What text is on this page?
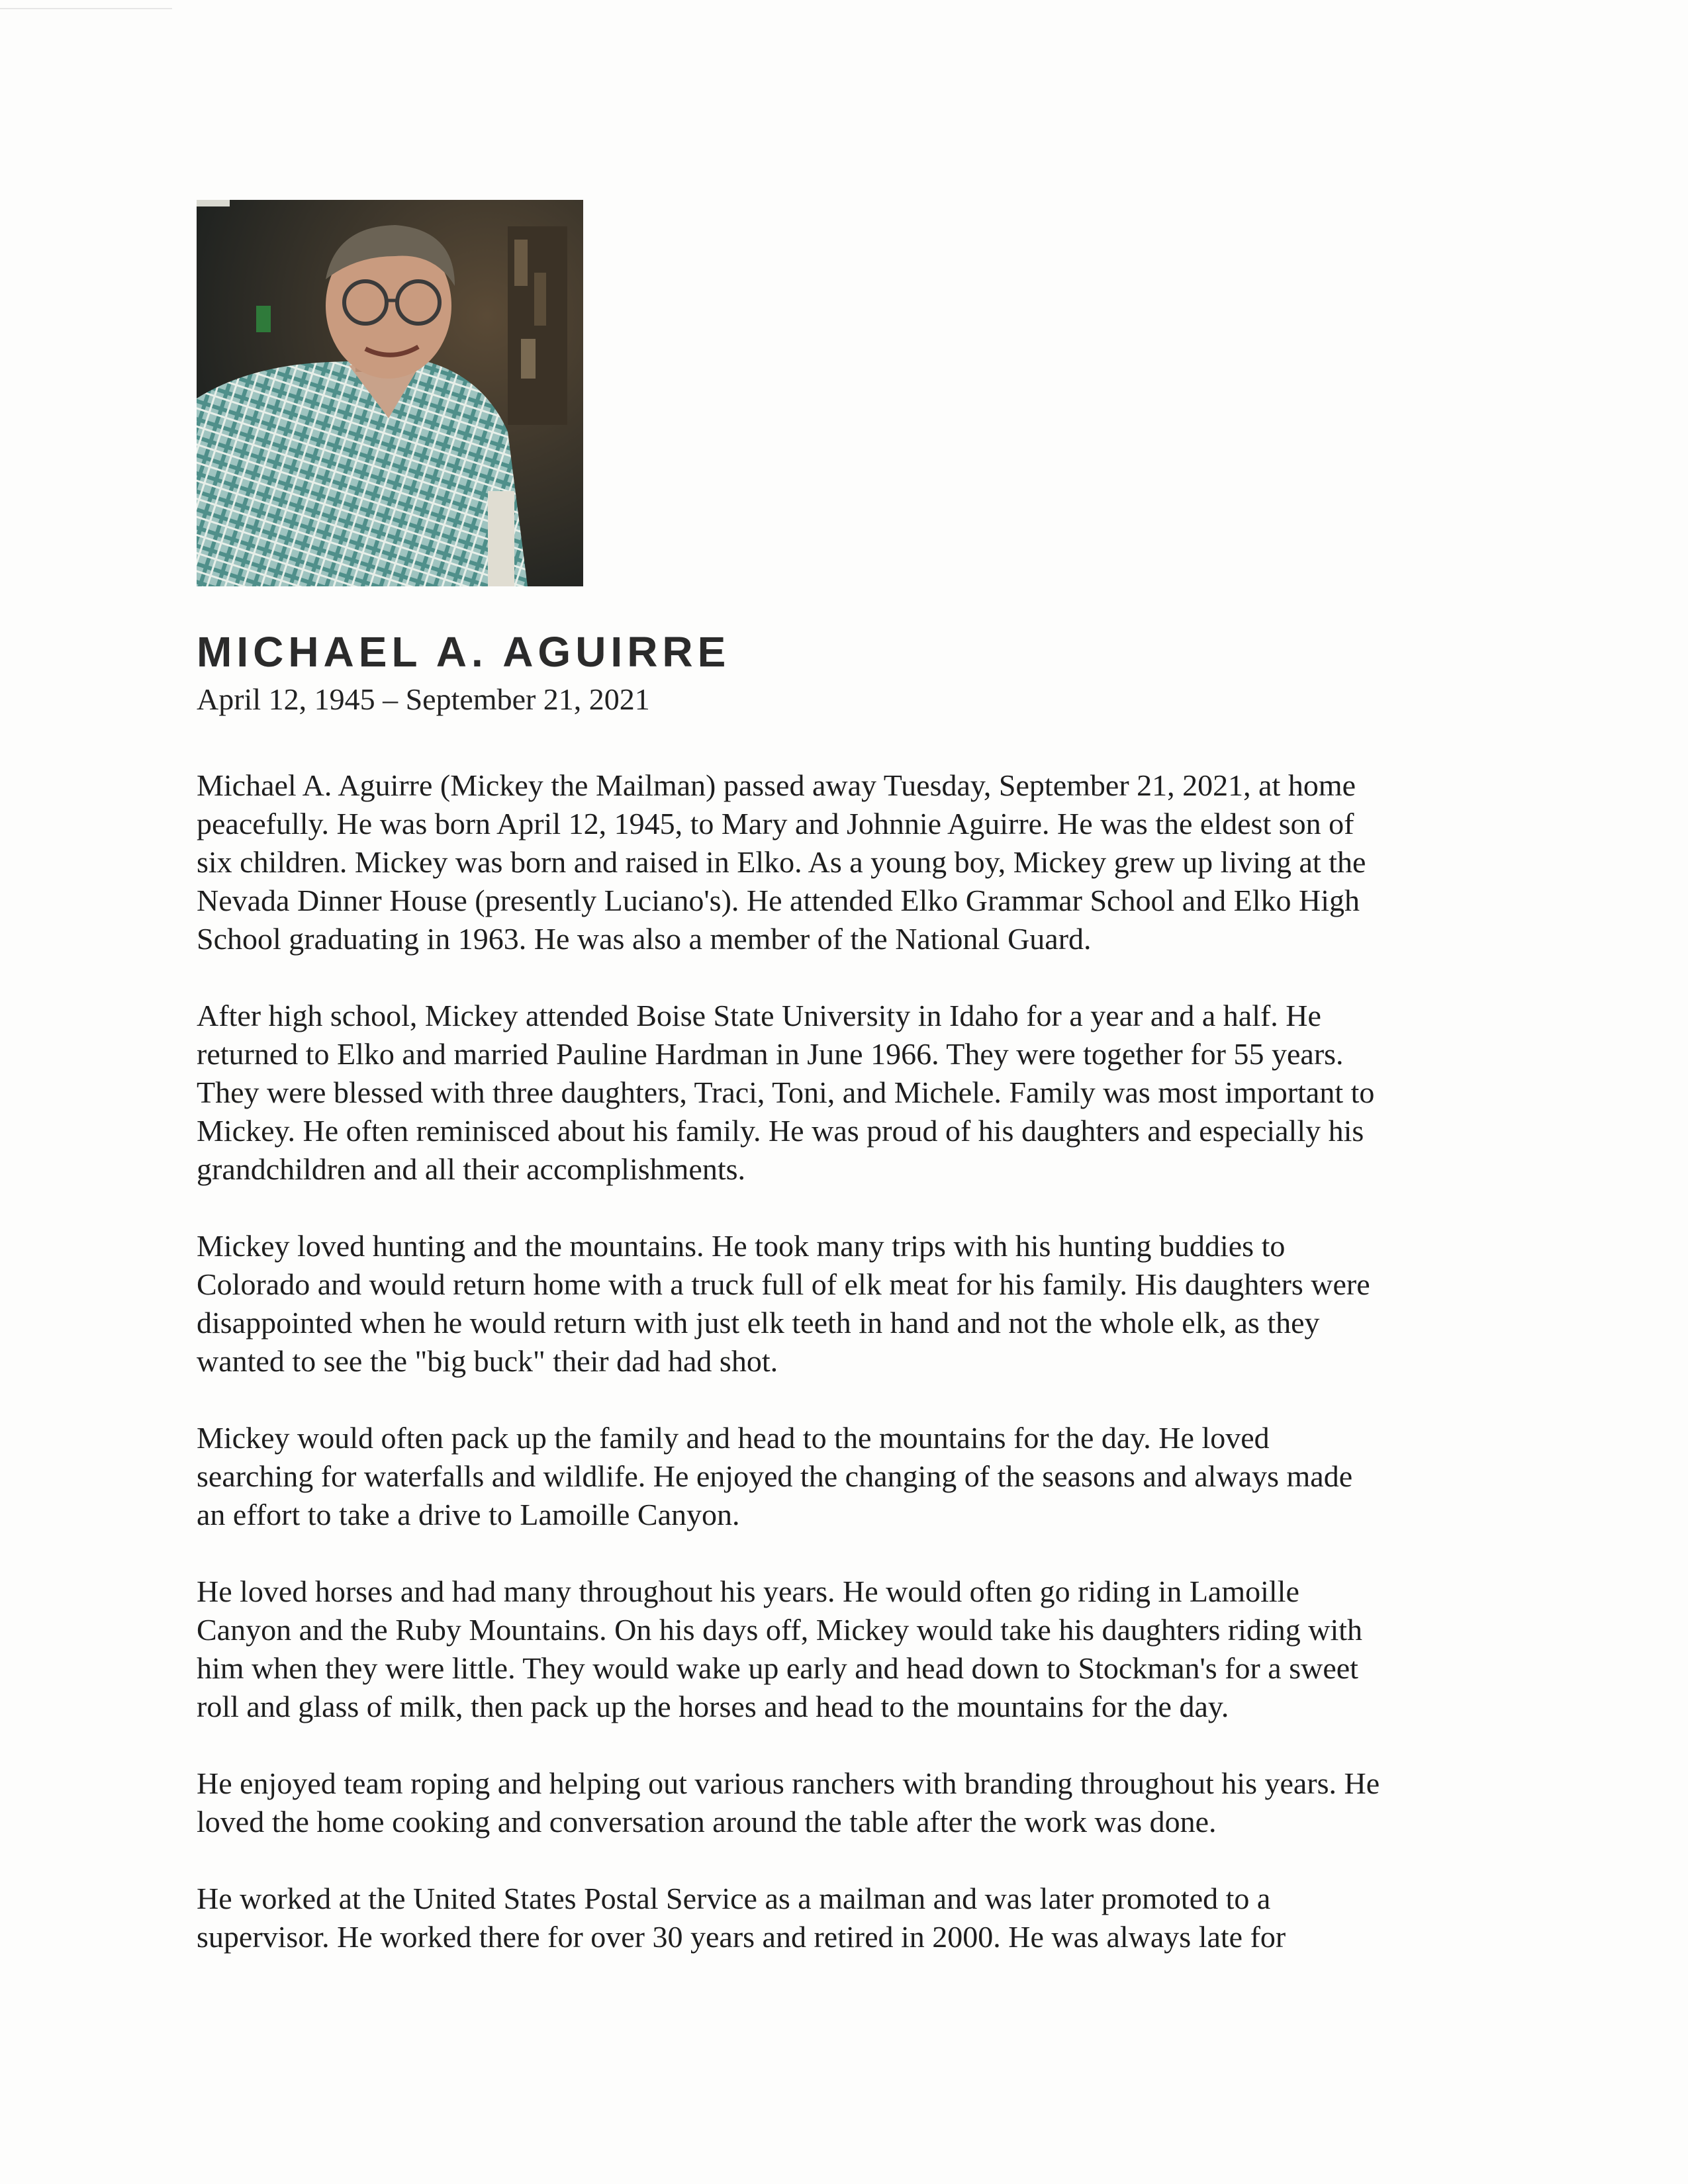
MICHAEL A. AGUIRRE
April 12, 1945 – September 21, 2021

Michael A. Aguirre (Mickey the Mailman) passed away Tuesday, September 21, 2021, at home
peacefully. He was born April 12, 1945, to Mary and Johnnie Aguirre. He was the eldest son of
six children. Mickey was born and raised in Elko. As a young boy, Mickey grew up living at the
Nevada Dinner House (presently Luciano's). He attended Elko Grammar School and Elko High
School graduating in 1963. He was also a member of the National Guard.

After high school, Mickey attended Boise State University in Idaho for a year and a half. He
returned to Elko and married Pauline Hardman in June 1966. They were together for 55 years.
They were blessed with three daughters, Traci, Toni, and Michele. Family was most important to
Mickey. He often reminisced about his family. He was proud of his daughters and especially his
grandchildren and all their accomplishments.

Mickey loved hunting and the mountains. He took many trips with his hunting buddies to
Colorado and would return home with a truck full of elk meat for his family. His daughters were
disappointed when he would return with just elk teeth in hand and not the whole elk, as they
wanted to see the "big buck" their dad had shot.

Mickey would often pack up the family and head to the mountains for the day. He loved
searching for waterfalls and wildlife. He enjoyed the changing of the seasons and always made
an effort to take a drive to Lamoille Canyon.

He loved horses and had many throughout his years. He would often go riding in Lamoille
Canyon and the Ruby Mountains. On his days off, Mickey would take his daughters riding with
him when they were little. They would wake up early and head down to Stockman's for a sweet
roll and glass of milk, then pack up the horses and head to the mountains for the day.

He enjoyed team roping and helping out various ranchers with branding throughout his years. He
loved the home cooking and conversation around the table after the work was done.

He worked at the United States Postal Service as a mailman and was later promoted to a
supervisor. He worked there for over 30 years and retired in 2000. He was always late for
